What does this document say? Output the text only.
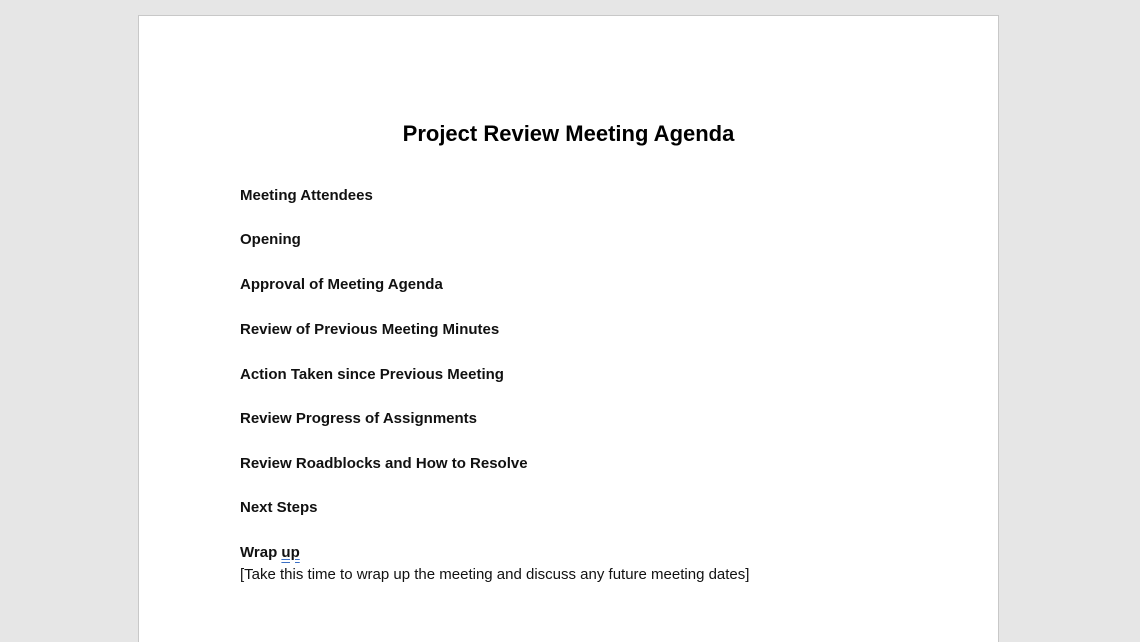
Project Review Meeting Agenda
Meeting Attendees
Opening
Approval of Meeting Agenda
Review of Previous Meeting Minutes
Action Taken since Previous Meeting
Review Progress of Assignments
Review Roadblocks and How to Resolve
Next Steps
Wrap up
[Take this time to wrap up the meeting and discuss any future meeting dates]
